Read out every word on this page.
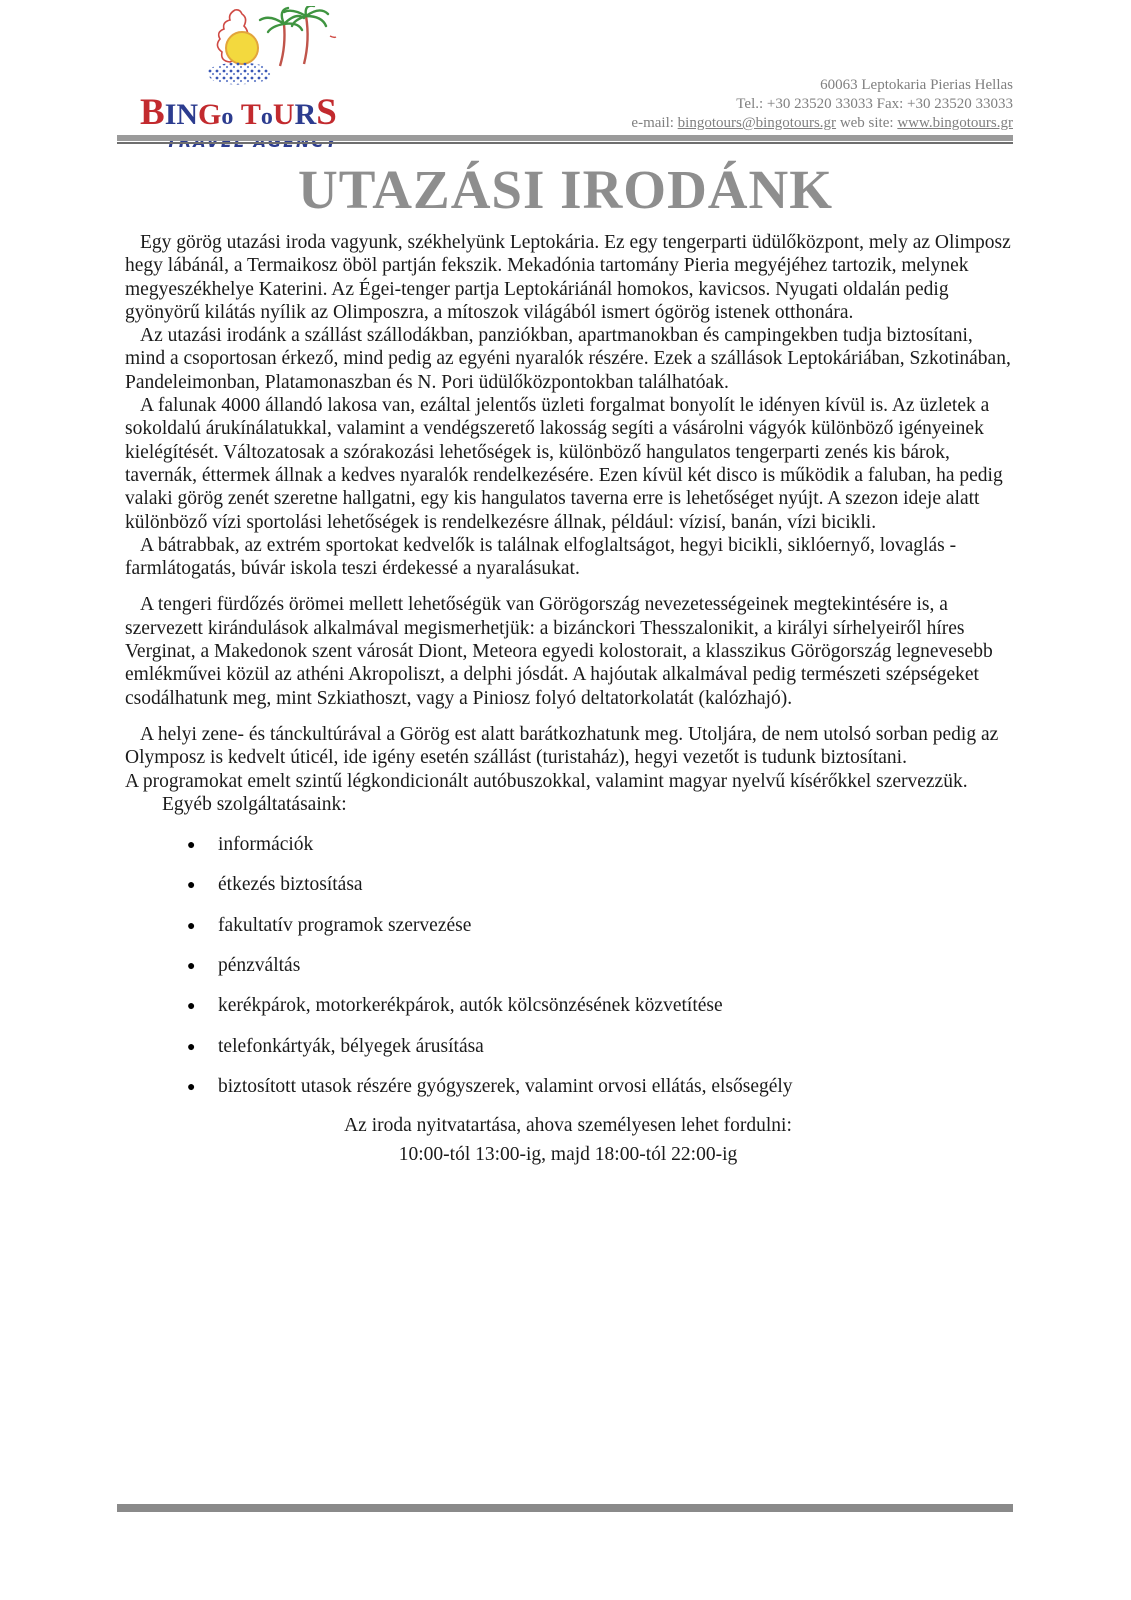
BINGo ToURS
60063 Leptokaria Pierias Hellas
Tel.: +30 23520 33033 Fax: +30 23520 33033
e-mail: bingotours@bingotours.gr web site: www.bingotours.gr
UTAZÁSI IRODÁNK

Egy görög utazási iroda vagyunk, székhelyünk Leptokária. Ez egy tengerparti üdülőközpont, mely az Olimposz hegy lábánál, a Termaikosz öböl partján fekszik. Mekadónia tartomány Pieria megyéjéhez tartozik, melynek megyeszékhelye Katerini. Az Égei-tenger partja Leptokáriánál homokos, kavicsos. Nyugati oldalán pedig gyönyörű kilátás nyílik az Olimposzra, a mítoszok világából ismert ógörög istenek otthonára.

Az utazási irodánk a szállást szállodákban, panziókban, apartmanokban és campingekben tudja biztosítani, mind a csoportosan érkező, mind pedig az egyéni nyaralók részére. Ezek a szállások Leptokáriában, Szkotinában, Pandeleimonban, Platamonaszban és N. Pori üdülőközpontokban találhatóak.

A falunak 4000 állandó lakosa van, ezáltal jelentős üzleti forgalmat bonyolít le idényen kívül is. Az üzletek a sokoldalú árukínálatukkal, valamint a vendégszerető lakosság segíti a vásárolni vágyók különböző igényeinek kielégítését. Változatosak a szórakozási lehetőségek is, különböző hangulatos tengerparti zenés kis bárok, tavernák, éttermek állnak a kedves nyaralók rendelkezésére. Ezen kívül két disco is működik a faluban, ha pedig valaki görög zenét szeretne hallgatni, egy kis hangulatos taverna erre is lehetőséget nyújt. A szezon ideje alatt különböző vízi sportolási lehetőségek is rendelkezésre állnak, például: vízisí, banán, vízi bicikli.

A bátrabbak, az extrém sportokat kedvelők is találnak elfoglaltságot, hegyi bicikli, siklóernyő, lovaglás - farmlátogatás, búvár iskola teszi érdekessé a nyaralásukat.

A tengeri fürdőzés örömei mellett lehetőségük van Görögország nevezetességeinek megtekintésére is, a szervezett kirándulások alkalmával megismerhetjük: a bizánckori Thesszalonikit, a királyi sírhelyeiről híres Verginat, a Makedonok szent városát Diont, Meteora egyedi kolostorait, a klasszikus Görögország legnevesebb emlékművei közül az athéni Akropoliszt, a delphi jósdát. A hajóutak alkalmával pedig természeti szépségeket csodálhatunk meg, mint Szkiathoszt, vagy a Piniosz folyó deltatorkolatát (kalózhajó).

A helyi zene- és tánckultúrával a Görög est alatt barátkozhatunk meg. Utoljára, de nem utolsó sorban pedig az Olymposz is kedvelt úticél, ide igény esetén szállást (turistaház), hegyi vezetőt is tudunk biztosítani.

A programokat emelt szintű légkondicionált autóbuszokkal, valamint magyar nyelvű kísérőkkel szervezzük.

Egyéb szolgáltatásaink:

● információk
● étkezés biztosítása
● fakultatív programok szervezése
● pénzváltás
● kerékpárok, motorkerékpárok, autók kölcsönzésének közvetítése
● telefonkártyák, bélyegek árusítása
● biztosított utasok részére gyógyszerek, valamint orvosi ellátás, elsősegély
Az iroda nyitvatartása, ahova személyesen lehet fordulni:
10:00-tól 13:00-ig, majd 18:00-tól 22:00-ig
